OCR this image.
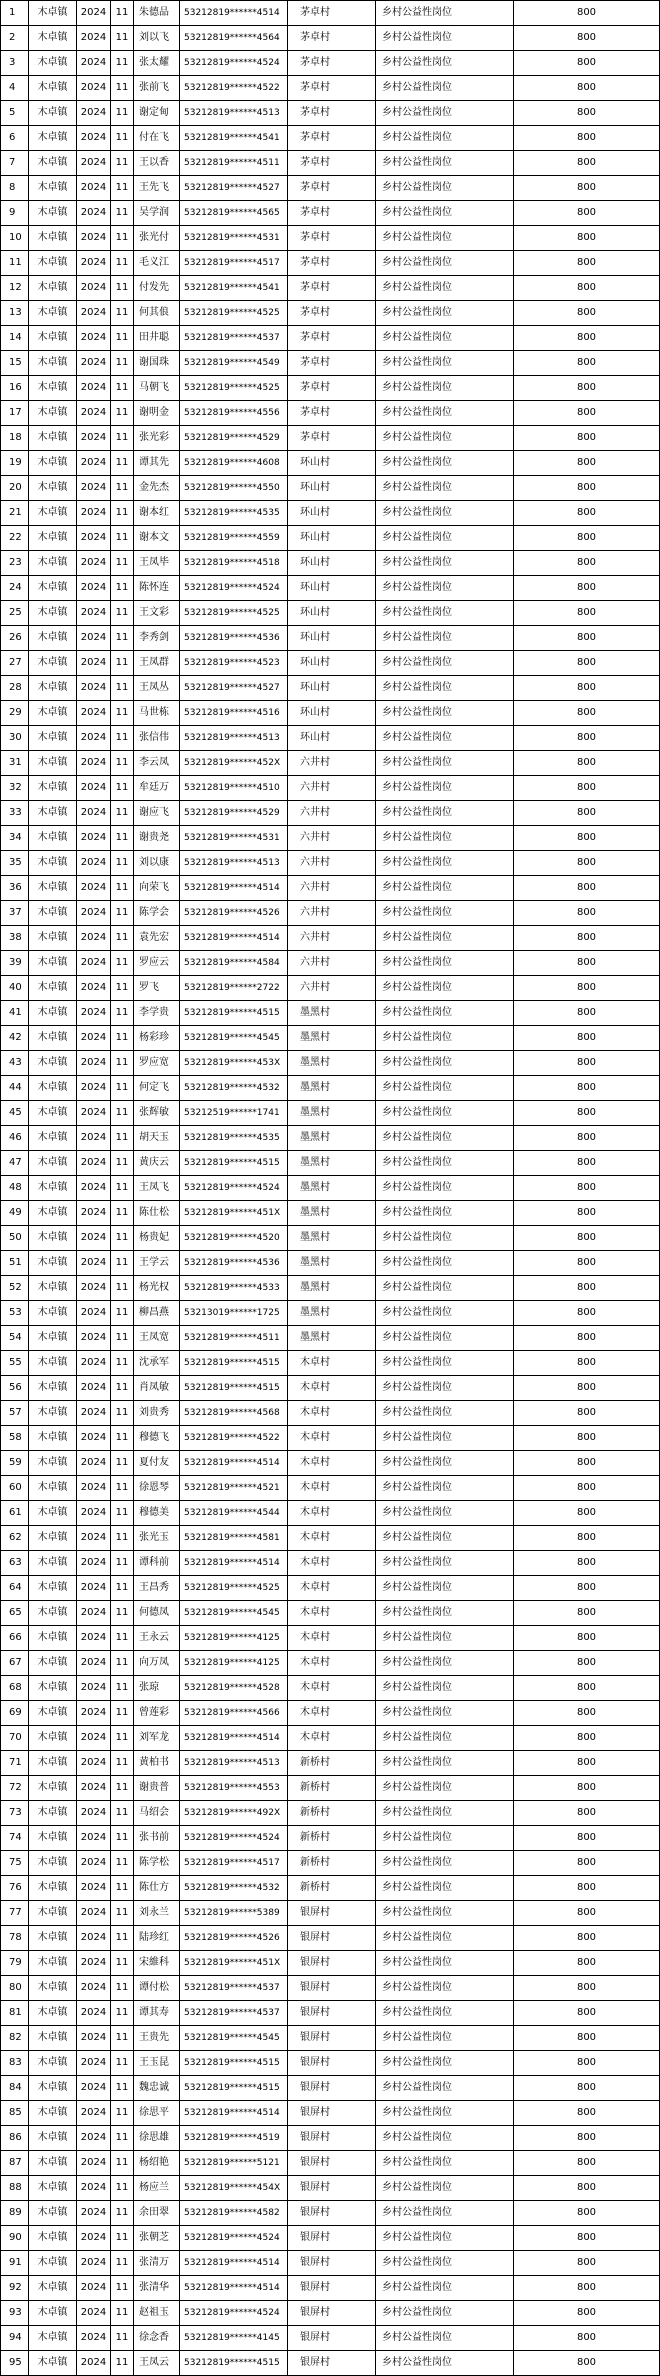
1	木卓镇	2024	11	朱德品	53212819******4514	茅卓村	乡村公益性岗位	800
2	木卓镇	2024	11	刘以飞	53212819******4564	茅卓村	乡村公益性岗位	800
3	木卓镇	2024	11	张太耀	53212819******4524	茅卓村	乡村公益性岗位	800
4	木卓镇	2024	11	张前飞	53212819******4522	茅卓村	乡村公益性岗位	800
5	木卓镇	2024	11	谢定甸	53212819******4513	茅卓村	乡村公益性岗位	800
6	木卓镇	2024	11	付在飞	53212819******4541	茅卓村	乡村公益性岗位	800
7	木卓镇	2024	11	王以香	53212819******4511	茅卓村	乡村公益性岗位	800
8	木卓镇	2024	11	王先飞	53212819******4527	茅卓村	乡村公益性岗位	800
9	木卓镇	2024	11	吴学润	53212819******4565	茅卓村	乡村公益性岗位	800
10	木卓镇	2024	11	张光付	53212819******4531	茅卓村	乡村公益性岗位	800
11	木卓镇	2024	11	毛义江	53212819******4517	茅卓村	乡村公益性岗位	800
12	木卓镇	2024	11	付发先	53212819******4541	茅卓村	乡村公益性岗位	800
13	木卓镇	2024	11	何其俍	53212819******4525	茅卓村	乡村公益性岗位	800
14	木卓镇	2024	11	田井聪	53212819******4537	茅卓村	乡村公益性岗位	800
15	木卓镇	2024	11	谢国珠	53212819******4549	茅卓村	乡村公益性岗位	800
16	木卓镇	2024	11	马朝飞	53212819******4525	茅卓村	乡村公益性岗位	800
17	木卓镇	2024	11	谢明金	53212819******4556	茅卓村	乡村公益性岗位	800
18	木卓镇	2024	11	张光彩	53212819******4529	茅卓村	乡村公益性岗位	800
19	木卓镇	2024	11	谭其先	53212819******4608	环山村	乡村公益性岗位	800
20	木卓镇	2024	11	金先杰	53212819******4550	环山村	乡村公益性岗位	800
21	木卓镇	2024	11	谢本红	53212819******4535	环山村	乡村公益性岗位	800
22	木卓镇	2024	11	谢本文	53212819******4559	环山村	乡村公益性岗位	800
23	木卓镇	2024	11	王凤毕	53212819******4518	环山村	乡村公益性岗位	800
24	木卓镇	2024	11	陈怀连	53212819******4524	环山村	乡村公益性岗位	800
25	木卓镇	2024	11	王文彩	53212819******4525	环山村	乡村公益性岗位	800
26	木卓镇	2024	11	李秀剑	53212819******4536	环山村	乡村公益性岗位	800
27	木卓镇	2024	11	王凤群	53212819******4523	环山村	乡村公益性岗位	800
28	木卓镇	2024	11	王凤丛	53212819******4527	环山村	乡村公益性岗位	800
29	木卓镇	2024	11	马世栋	53212819******4516	环山村	乡村公益性岗位	800
30	木卓镇	2024	11	张信伟	53212819******4513	环山村	乡村公益性岗位	800
31	木卓镇	2024	11	李云凤	53212819******452X	六井村	乡村公益性岗位	800
32	木卓镇	2024	11	牟廷万	53212819******4510	六井村	乡村公益性岗位	800
33	木卓镇	2024	11	谢应飞	53212819******4529	六井村	乡村公益性岗位	800
34	木卓镇	2024	11	谢贵尧	53212819******4531	六井村	乡村公益性岗位	800
35	木卓镇	2024	11	刘以康	53212819******4513	六井村	乡村公益性岗位	800
36	木卓镇	2024	11	向荣飞	53212819******4514	六井村	乡村公益性岗位	800
37	木卓镇	2024	11	陈学会	53212819******4526	六井村	乡村公益性岗位	800
38	木卓镇	2024	11	袁先宏	53212819******4514	六井村	乡村公益性岗位	800
39	木卓镇	2024	11	罗应云	53212819******4584	六井村	乡村公益性岗位	800
40	木卓镇	2024	11	罗飞	53212819******2722	六井村	乡村公益性岗位	800
41	木卓镇	2024	11	李学贵	53212819******4515	墨黑村	乡村公益性岗位	800
42	木卓镇	2024	11	杨彩珍	53212819******4545	墨黑村	乡村公益性岗位	800
43	木卓镇	2024	11	罗应宽	53212819******453X	墨黑村	乡村公益性岗位	800
44	木卓镇	2024	11	何定飞	53212819******4532	墨黑村	乡村公益性岗位	800
45	木卓镇	2024	11	张辉敏	53212519******1741	墨黑村	乡村公益性岗位	800
46	木卓镇	2024	11	胡天玉	53212819******4535	墨黑村	乡村公益性岗位	800
47	木卓镇	2024	11	黄庆云	53212819******4515	墨黑村	乡村公益性岗位	800
48	木卓镇	2024	11	王凤飞	53212819******4524	墨黑村	乡村公益性岗位	800
49	木卓镇	2024	11	陈仕松	53212819******451X	墨黑村	乡村公益性岗位	800
50	木卓镇	2024	11	杨贵妃	53212819******4520	墨黑村	乡村公益性岗位	800
51	木卓镇	2024	11	王学云	53212819******4536	墨黑村	乡村公益性岗位	800
52	木卓镇	2024	11	杨光权	53212819******4533	墨黑村	乡村公益性岗位	800
53	木卓镇	2024	11	柳昌燕	53213019******1725	墨黑村	乡村公益性岗位	800
54	木卓镇	2024	11	王凤宽	53212819******4511	墨黑村	乡村公益性岗位	800
55	木卓镇	2024	11	沈承军	53212819******4515	木卓村	乡村公益性岗位	800
56	木卓镇	2024	11	肖凤敏	53212819******4515	木卓村	乡村公益性岗位	800
57	木卓镇	2024	11	刘贵秀	53212819******4568	木卓村	乡村公益性岗位	800
58	木卓镇	2024	11	穆德飞	53212819******4522	木卓村	乡村公益性岗位	800
59	木卓镇	2024	11	夏付友	53212819******4514	木卓村	乡村公益性岗位	800
60	木卓镇	2024	11	徐恩琴	53212819******4521	木卓村	乡村公益性岗位	800
61	木卓镇	2024	11	穆德美	53212819******4544	木卓村	乡村公益性岗位	800
62	木卓镇	2024	11	张光玉	53212819******4581	木卓村	乡村公益性岗位	800
63	木卓镇	2024	11	谭科前	53212819******4514	木卓村	乡村公益性岗位	800
64	木卓镇	2024	11	王昌秀	53212819******4525	木卓村	乡村公益性岗位	800
65	木卓镇	2024	11	何德凤	53212819******4545	木卓村	乡村公益性岗位	800
66	木卓镇	2024	11	王永云	53212819******4125	木卓村	乡村公益性岗位	800
67	木卓镇	2024	11	向万凤	53212819******4125	木卓村	乡村公益性岗位	800
68	木卓镇	2024	11	张琼	53212819******4528	木卓村	乡村公益性岗位	800
69	木卓镇	2024	11	曾莲彩	53212819******4566	木卓村	乡村公益性岗位	800
70	木卓镇	2024	11	刘军龙	53212819******4514	木卓村	乡村公益性岗位	800
71	木卓镇	2024	11	黄柏书	53212819******4513	新桥村	乡村公益性岗位	800
72	木卓镇	2024	11	谢贵普	53212819******4553	新桥村	乡村公益性岗位	800
73	木卓镇	2024	11	马绍会	53212819******492X	新桥村	乡村公益性岗位	800
74	木卓镇	2024	11	张书前	53212819******4524	新桥村	乡村公益性岗位	800
75	木卓镇	2024	11	陈学松	53212819******4517	新桥村	乡村公益性岗位	800
76	木卓镇	2024	11	陈仕方	53212819******4532	新桥村	乡村公益性岗位	800
77	木卓镇	2024	11	刘永兰	53212819******5389	银屏村	乡村公益性岗位	800
78	木卓镇	2024	11	陆珍红	53212819******4526	银屏村	乡村公益性岗位	800
79	木卓镇	2024	11	宋維科	53212819******451X	银屏村	乡村公益性岗位	800
80	木卓镇	2024	11	谭付松	53212819******4537	银屏村	乡村公益性岗位	800
81	木卓镇	2024	11	谭其寿	53212819******4537	银屏村	乡村公益性岗位	800
82	木卓镇	2024	11	王贵先	53212819******4545	银屏村	乡村公益性岗位	800
83	木卓镇	2024	11	王玉昆	53212819******4515	银屏村	乡村公益性岗位	800
84	木卓镇	2024	11	魏忠诚	53212819******4515	银屏村	乡村公益性岗位	800
85	木卓镇	2024	11	徐思平	53212819******4514	银屏村	乡村公益性岗位	800
86	木卓镇	2024	11	徐思雄	53212819******4519	银屏村	乡村公益性岗位	800
87	木卓镇	2024	11	杨绍艳	53212819******5121	银屏村	乡村公益性岗位	800
88	木卓镇	2024	11	杨应兰	53212819******454X	银屏村	乡村公益性岗位	800
89	木卓镇	2024	11	余田翠	53212819******4582	银屏村	乡村公益性岗位	800
90	木卓镇	2024	11	张朝芝	53212819******4524	银屏村	乡村公益性岗位	800
91	木卓镇	2024	11	张清万	53212819******4514	银屏村	乡村公益性岗位	800
92	木卓镇	2024	11	张清华	53212819******4514	银屏村	乡村公益性岗位	800
93	木卓镇	2024	11	赵祖玉	53212819******4524	银屏村	乡村公益性岗位	800
94	木卓镇	2024	11	徐念香	53212819******4145	银屏村	乡村公益性岗位	800
95	木卓镇	2024	11	王凤云	53212819******4515	银屏村	乡村公益性岗位	800
